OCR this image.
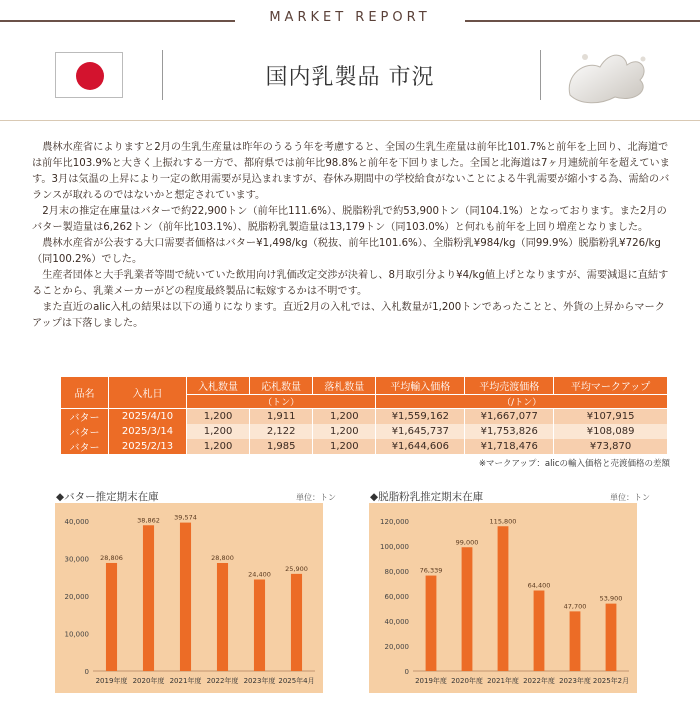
MARKET REPORT
国内乳製品 市況

農林水産省によりますと2月の生乳生産量は昨年のうるう年を考慮すると、全国の生乳生産量は前年比101.7%と前年を上回り、北海道では前年比103.9%と大きく上振れする一方で、都府県では前年比98.8%と前年を下回りました。全国と北海道は7ヶ月連続前年を超えています。3月は気温の上昇により一定の飲用需要が見込まれますが、春休み期間中の学校給食がないことによる牛乳需要が縮小する為、需給のバランスが取れるのではないかと想定されています。

2月末の推定在庫量はバターで約22,900トン（前年比111.6%）、脱脂粉乳で約53,900トン（同104.1%）となっております。また2月のバター製造量は6,262トン（前年比103.1%）、脱脂粉乳製造量は13,179トン（同103.0%）と何れも前年を上回り増産となりました。

農林水産省が公表する大口需要者価格はバター¥1,498/kg（税抜、前年比101.6%）、全脂粉乳¥984/kg（同99.9%）脱脂粉乳¥726/kg（同100.2%）でした。

生産者団体と大手乳業者等間で続いていた飲用向け乳価改定交渉が決着し、8月取引分より¥4/kg値上げとなりますが、需要減退に直結することから、乳業メーカーがどの程度最終製品に転嫁するかは不明です。

また直近のalic入札の結果は以下の通りになります。直近2月の入札では、入札数量が1,200トンであったことと、外貨の上昇からマークアップは下落しました。

品名	入札日	入札数量	応札数量	落札数量	平均輸入価格	平均売渡価格	平均マークアップ
		（トン）			（/トン）		
バター	2025/4/10	1,200	1,911	1,200	¥1,559,162	¥1,667,077	¥107,915
バター	2025/3/14	1,200	2,122	1,200	¥1,645,737	¥1,753,826	¥108,089
バター	2025/2/13	1,200	1,985	1,200	¥1,644,606	¥1,718,476	¥73,870
※マークアップ：alicの輸入価格と売渡価格の差額
◆バター推定期末在庫	単位：トン
0
10,000
20,000
30,000
40,000
28,806
2019年度
38,862
2020年度
39,574
2021年度
28,800
2022年度
24,400
2023年度
25,900
2025年4月
◆脱脂粉乳推定期末在庫	単位：トン
0
20,000
40,000
60,000
80,000
100,000
120,000
76,339
2019年度
99,000
2020年度
115,800
2021年度
64,400
2022年度
47,700
2023年度
53,900
2025年2月
